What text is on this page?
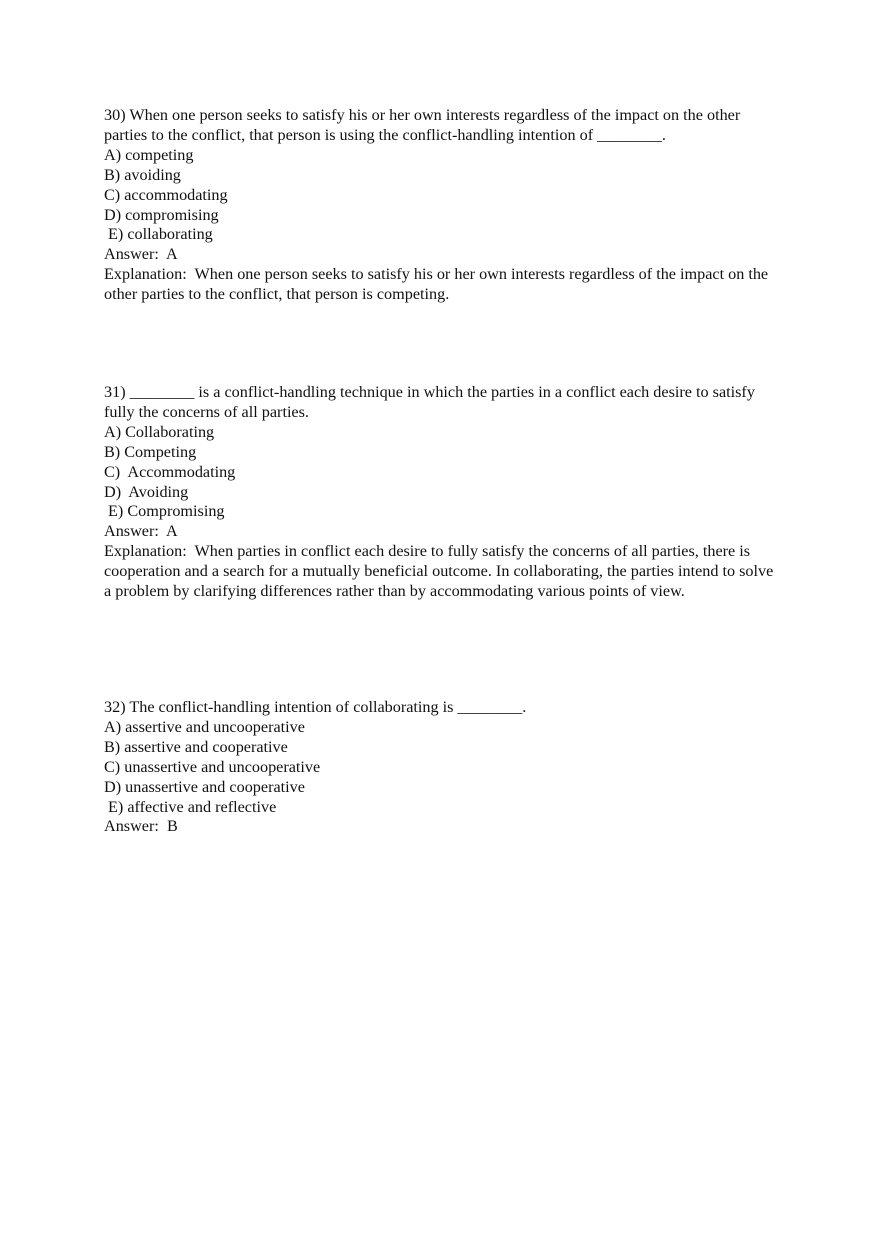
30) When one person seeks to satisfy his or her own interests regardless of the impact on the other parties to the conflict, that person is using the conflict-handling intention of ________.

A) competing
B) avoiding
C) accommodating
D) compromising
E) collaborating

Answer:  A

Explanation:  When one person seeks to satisfy his or her own interests regardless of the impact on the other parties to the conflict, that person is competing.

31) ________ is a conflict-handling technique in which the parties in a conflict each desire to satisfy fully the concerns of all parties.

A) Collaborating
B) Competing
C)  Accommodating
D)  Avoiding
E) Compromising

Answer:  A

Explanation:  When parties in conflict each desire to fully satisfy the concerns of all parties, there is cooperation and a search for a mutually beneficial outcome. In collaborating, the parties intend to solve a problem by clarifying differences rather than by accommodating various points of view.

32) The conflict-handling intention of collaborating is ________.

A) assertive and uncooperative
B) assertive and cooperative
C) unassertive and uncooperative
D) unassertive and cooperative
E) affective and reflective

Answer:  B
